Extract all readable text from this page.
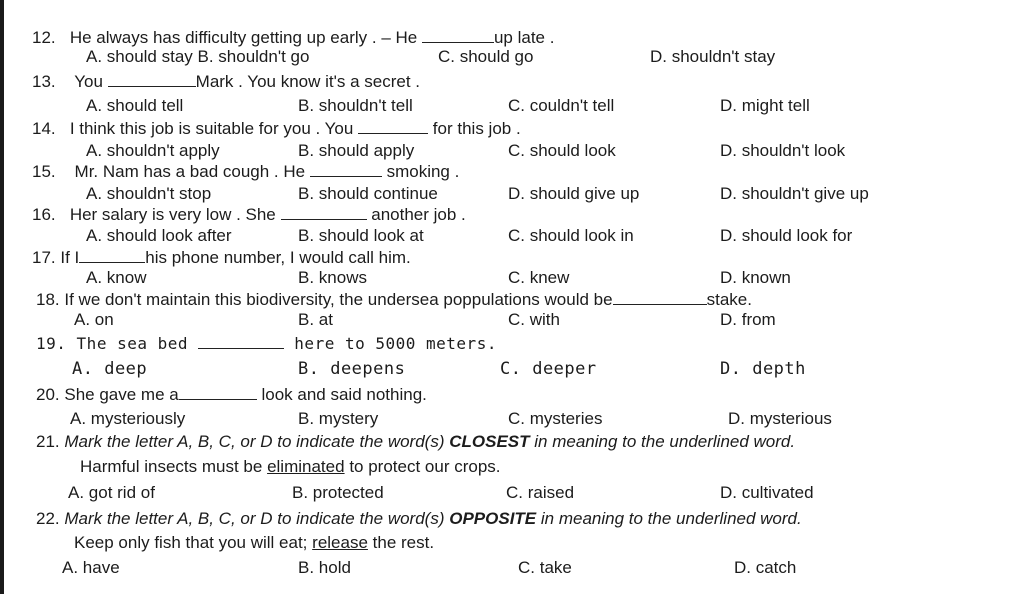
12. He always has difficulty getting up early . – He	up late .
A. should stay B. shouldn't go	C. should go	D. shouldn't stay
13. You	Mark . You know it's a secret .
A. should tell	B. shouldn't tell	C. couldn't tell	D. might tell
14. I think this job is suitable for you . You	for this job .
A. shouldn't apply	B. should apply	C. should look	D. shouldn't look
15. Mr. Nam has a bad cough . He	smoking .
A. shouldn't stop	B. should continue	D. should give up	D. shouldn't give up
16. Her salary is very low . She	another job .
A. should look after	B. should look at	C. should look in	D. should look for
17. If I	his phone number, I would call him.
A. know	B. knows	C. knew	D. known
18. If we don't maintain this biodiversity, the undersea poppulations would be	stake.
A. on	B. at	C. with	D. from
19. The sea bed	here to 5000 meters.
A. deep	B. deepens	C. deeper	D. depth
20. She gave me a	look and said nothing.
A. mysteriously	B. mystery	C. mysteries	D. mysterious
21. Mark the letter A, B, C, or D to indicate the word(s) CLOSEST in meaning to the underlined word.
Harmful insects must be eliminated to protect our crops.
A. got rid of	B. protected	C. raised	D. cultivated
22. Mark the letter A, B, C, or D to indicate the word(s) OPPOSITE in meaning to the underlined word.
Keep only fish that you will eat; release the rest.
A. have	B. hold	C. take	D. catch
